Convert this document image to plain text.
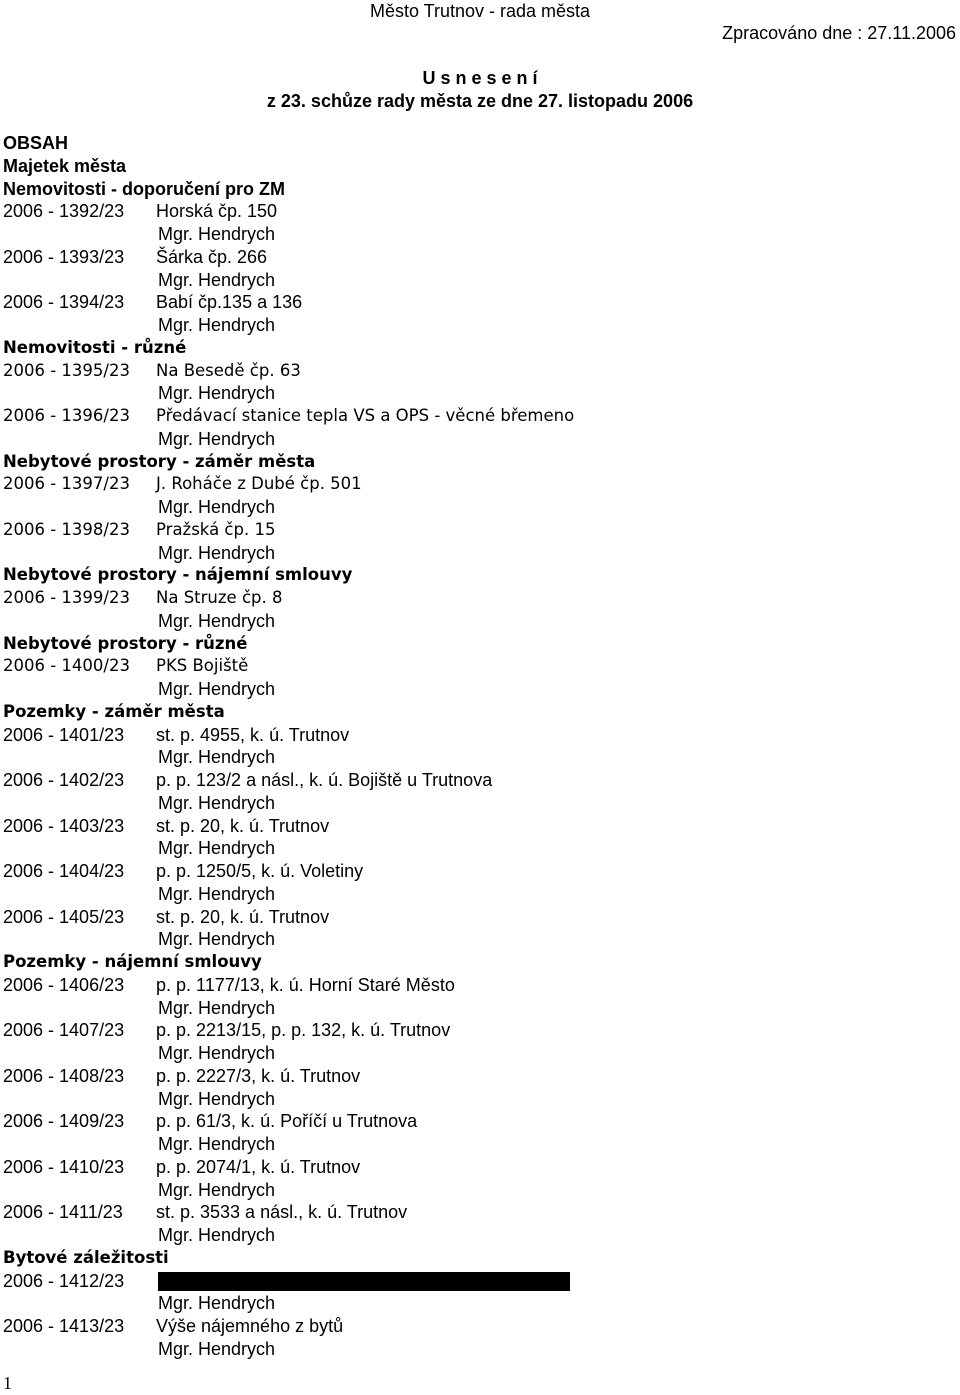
Město Trutnov - rada města
Zpracováno dne : 27.11.2006
U s n e s e n í
z 23. schůze rady města ze dne 27. listopadu 2006
OBSAH
Majetek města
Nemovitosti - doporučení pro ZM
2006 - 1392/23 Horská čp. 150
Mgr. Hendrych
2006 - 1393/23 Šárka čp. 266
Mgr. Hendrych
2006 - 1394/23 Babí čp.135 a 136
Mgr. Hendrych
Nemovitosti - různé
2006 - 1395/23 Na Besedě čp. 63
Mgr. Hendrych
2006 - 1396/23 Předávací stanice tepla VS a OPS - věcné břemeno
Mgr. Hendrych
Nebytové prostory - záměr města
2006 - 1397/23 J. Roháče z Dubé čp. 501
Mgr. Hendrych
2006 - 1398/23 Pražská čp. 15
Mgr. Hendrych
Nebytové prostory - nájemní smlouvy
2006 - 1399/23 Na Struze čp. 8
Mgr. Hendrych
Nebytové prostory - různé
2006 - 1400/23 PKS Bojiště
Mgr. Hendrych
Pozemky - záměr města
2006 - 1401/23 st. p. 4955, k. ú. Trutnov
Mgr. Hendrych
2006 - 1402/23 p. p. 123/2 a násl., k. ú. Bojiště u Trutnova
Mgr. Hendrych
2006 - 1403/23 st. p. 20, k. ú. Trutnov
Mgr. Hendrych
2006 - 1404/23 p. p. 1250/5, k. ú. Voletiny
Mgr. Hendrych
2006 - 1405/23 st. p. 20, k. ú. Trutnov
Mgr. Hendrych
Pozemky - nájemní smlouvy
2006 - 1406/23 p. p. 1177/13, k. ú. Horní Staré Město
Mgr. Hendrych
2006 - 1407/23 p. p. 2213/15, p. p. 132, k. ú. Trutnov
Mgr. Hendrych
2006 - 1408/23 p. p. 2227/3, k. ú. Trutnov
Mgr. Hendrych
2006 - 1409/23 p. p. 61/3, k. ú. Poříčí u Trutnova
Mgr. Hendrych
2006 - 1410/23 p. p. 2074/1, k. ú. Trutnov
Mgr. Hendrych
2006 - 1411/23 st. p. 3533 a násl., k. ú. Trutnov
Mgr. Hendrych
Bytové záležitosti
2006 - 1412/23
Mgr. Hendrych
2006 - 1413/23 Výše nájemného z bytů
Mgr. Hendrych
1
